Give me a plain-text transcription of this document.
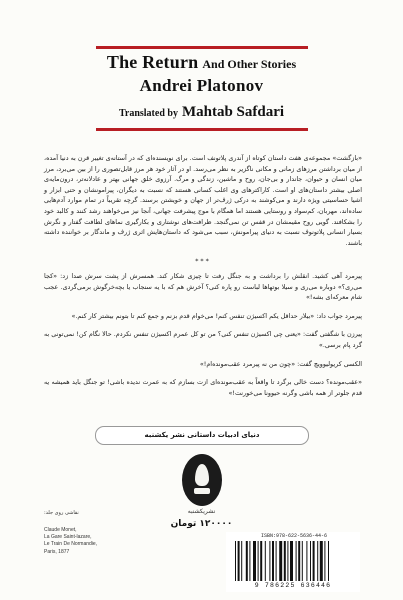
The Return And Other Stories
Andrei Platonov
Translated by Mahtab Safdari

«بازگشت» مجموعه‌ی هفت داستان کوتاه از آندری پلاتونف است. برای نویسنده‌ای که در آستانه‌ی تغییر قرن به دنیا آمده، از میان برداشتن مرزهای زمانی و مکانی ناگزیر به نظر می‌رسد. او در آثار خود هر مرز قابل‌تصوری را از بین می‌برد، مرز میان انسان و حیوان، جاندار و بی‌جان، روح و ماشین، زندگی و مرگ. آرزوی خلق جهانی بهتر و عادلانه‌تر، درون‌مایه‌ی اصلی بیشتر داستان‌های او است. کاراکترهای وی اغلب کسانی هستند که نسبت به دیگران، پیرامونشان و حتی ابزار و اشیا حساسیتی ویژه دارند و می‌کوشند به درکی ژرف‌تر از جهان و خویشتن برسند. گرچه تقریباً در تمام موارد آدم‌هایی ساده‌اند، مهربان، کم‌سواد و روستایی هستند اما همگام با موج پیشرفت جهانی، آنجا نیز می‌خواهند رشد کنند و کالبد خود را بشکافند. گویی روح مقیمشان در قفس تن نمی‌گنجد. ظرافت‌های نوشتاری و بکارگیری نماهای لطافت گفتار و نگرش بسیار انسانی پلاتونوف نسبت به دنیای پیرامونش، سبب می‌شود که داستان‌هایش اثری ژرف و ماندگار بر خواننده داشته باشند.

***

پیرمرد آهی کشید. انقلش را برداشت و به جنگل رفت تا چیزی شکار کند. همسرش از پشت سرش صدا زد: «کجا می‌ری؟» دوباره می‌ری و سیلا بوتهاها لباست رو پاره کنی؟ آخرش هم که با یه سنجاب یا بچه‌خرگوش برمی‌گردی. عجب شام معرکه‌ای بشه!»

پیرمرد جواب داد: «بیلار حداقل یکم اکسیژن تنفس کنم! می‌خوام قدم بزنم و جمع کنم تا بتونم بیشتر کار کنم.»

پیرزن با شگفتی گفت: «یعنی چی اکسیژن تنفس کنی؟ من تو کل عمرم اکسیژن تنفس نکردم. حالا نگام کن! نمی‌تونی به گرد پام برسی.»

الکسی کریولیوویچ گفت: «چون من نه پیرمرد عقب‌مونده‌ام!»

«عقب‌مونده؟ دست خالی برگرد تا واقعاً به عقب‌مونده‌ای ازت بسازم که به عمرت ندیده باشی! تو جنگل باید همیشه یه قدم جلوتر از همه باشی وگرنه حیوونا می‌خورنت!»

دنیای ادبیات داستانی نشر یکشنبه
نشریکشنبه
۱۲۰۰۰۰ تومان
نقاشی روی جلد:
Claude Monet,
La Gare Saint-lazare,
Le Train De Normandie,
Paris, 1877
ISBN:978-622-5636-44-6
9 786225 636446
